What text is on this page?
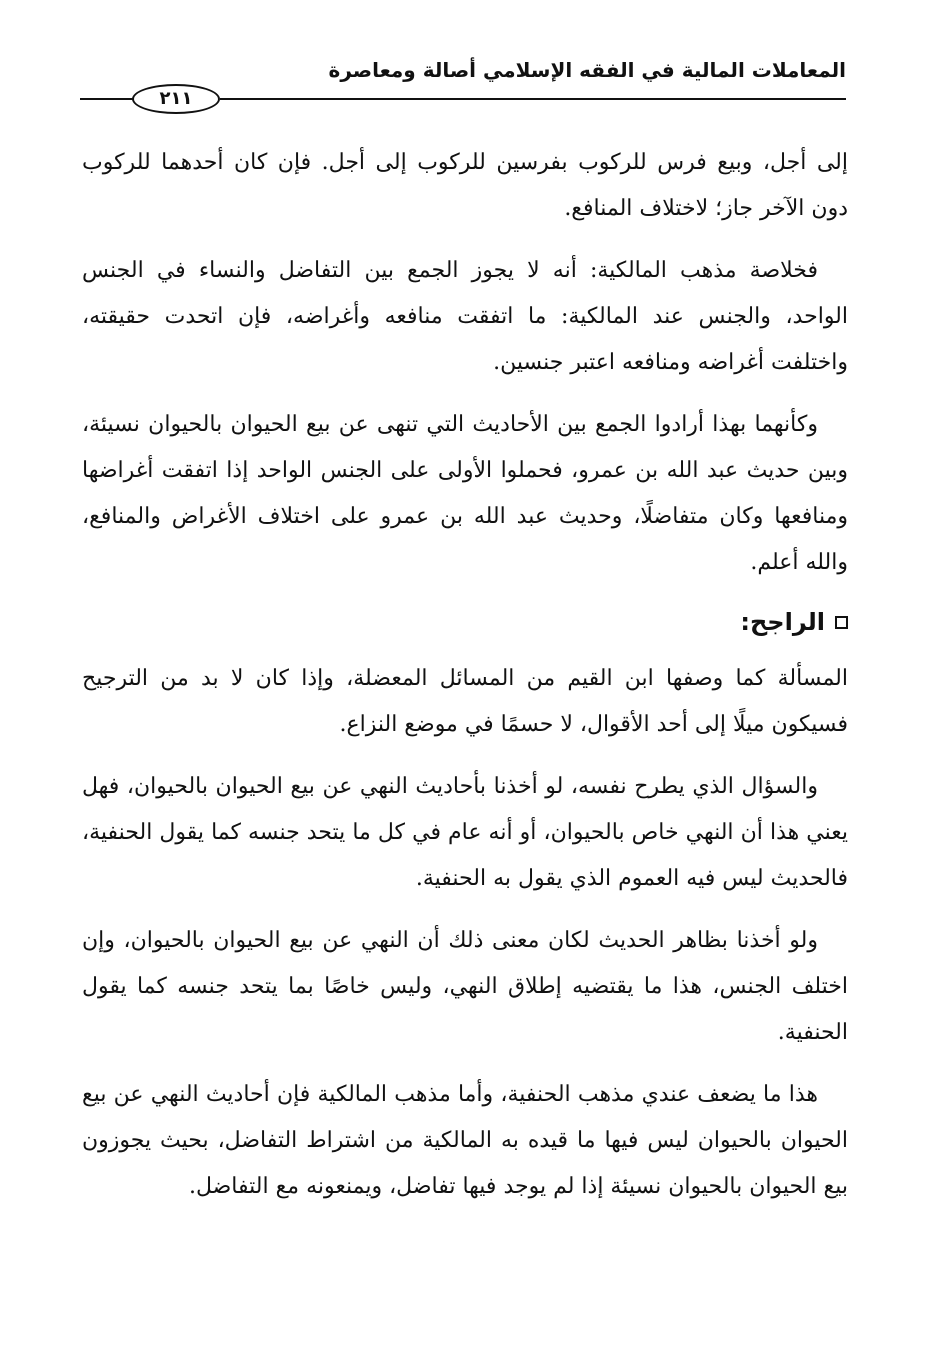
المعاملات المالية في الفقه الإسلامي أصالة ومعاصرة
٢١١

إلى أجل، وبيع فرس للركوب بفرسين للركوب إلى أجل. فإن كان أحدهما للركوب دون الآخر جاز؛ لاختلاف المنافع.

فخلاصة مذهب المالكية: أنه لا يجوز الجمع بين التفاضل والنساء في الجنس الواحد، والجنس عند المالكية: ما اتفقت منافعه وأغراضه، فإن اتحدت حقيقته، واختلفت أغراضه ومنافعه اعتبر جنسين.

وكأنهما بهذا أرادوا الجمع بين الأحاديث التي تنهى عن بيع الحيوان بالحيوان نسيئة، وبين حديث عبد الله بن عمرو، فحملوا الأولى على الجنس الواحد إذا اتفقت أغراضها ومنافعها وكان متفاضلًا، وحديث عبد الله بن عمرو على اختلاف الأغراض والمنافع، والله أعلم.

الراجح:

المسألة كما وصفها ابن القيم من المسائل المعضلة، وإذا كان لا بد من الترجيح فسيكون ميلًا إلى أحد الأقوال، لا حسمًا في موضع النزاع.

والسؤال الذي يطرح نفسه، لو أخذنا بأحاديث النهي عن بيع الحيوان بالحيوان، فهل يعني هذا أن النهي خاص بالحيوان، أو أنه عام في كل ما يتحد جنسه كما يقول الحنفية، فالحديث ليس فيه العموم الذي يقول به الحنفية.

ولو أخذنا بظاهر الحديث لكان معنى ذلك أن النهي عن بيع الحيوان بالحيوان، وإن اختلف الجنس، هذا ما يقتضيه إطلاق النهي، وليس خاصًا بما يتحد جنسه كما يقول الحنفية.

هذا ما يضعف عندي مذهب الحنفية، وأما مذهب المالكية فإن أحاديث النهي عن بيع الحيوان بالحيوان ليس فيها ما قيده به المالكية من اشتراط التفاضل، بحيث يجوزون بيع الحيوان بالحيوان نسيئة إذا لم يوجد فيها تفاضل، ويمنعونه مع التفاضل.
